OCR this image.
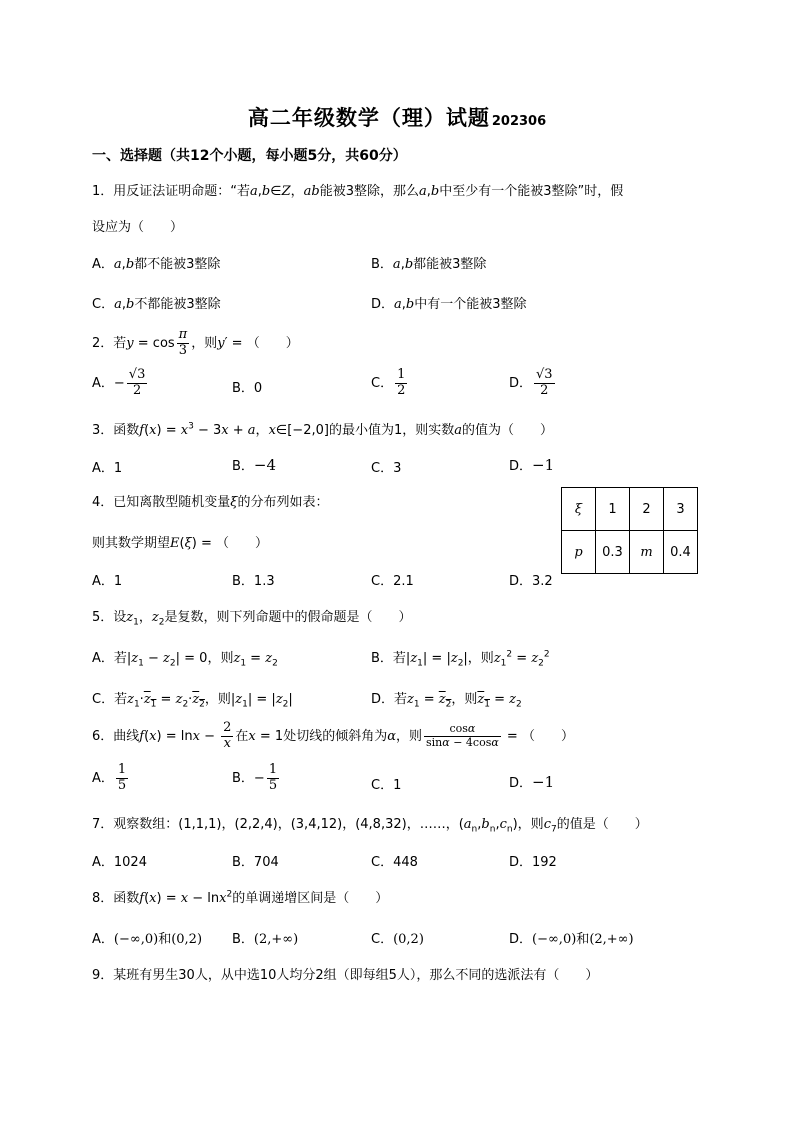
高二年级数学（理）试题 202306
一、选择题（共12个小题，每小题5分，共60分）
1．用反证法证明命题：“若a,b∈Z，ab能被3整除，那么a,b中至少有一个能被3整除”时，假
设应为（　　）
A．a,b都不能被3整除	B．a,b都能被3整除
C．a,b不都能被3整除	D．a,b中有一个能被3整除
2．若$y = \cos \frac{\pi}{3}$ ，则y′ = （　　）
A．− $\frac{√3}{2}$	B．0	C． $\frac{1}{2}$	D． $\frac{√3}{2}$
3．函数$f(x) = x^3 - 3x + a$，x∈[−2,0]的最小值为1，则实数a的值为（　　）
A．1	B．−4	C．3	D．−1
4．已知离散型随机变量ξ的分布列如表：
则其数学期望E(ξ) = （　　）
ξ	1	2	3
p	0.3	m	0.4
A．1	B．1.3	C．2.1	D．3.2
5．设$z_1$，$z_2$是复数，则下列命题中的假命题是（　　）
A．若$|z_1 - z_2| = 0$，则$z_1 = z_2$	B．若$|z_1| = |z_2|$，则$z_1^2 = z_2^2$
C．若$z_1\cdot z_1 = z_2\cdot z_2$，则$|z_1| = |z_2|$	D．若$z_1 = z_2$，则$z_1 = z_2$
6．曲线$f(x) = \ln x - \frac{2}{x}$ 在x = 1处切线的倾斜角为α，则 $\frac{\cos\alpha}{\sin\alpha - 4\cos\alpha}$ = （　　）
A． $\frac{1}{5}$	B．− $\frac{1}{5}$	C．1	D．−1
7．观察数组：(1,1,1)，(2,2,4)，(3,4,12)，(4,8,32)，……，$(a_n,b_n,c_n)$，则$c_7$的值是（　　）
A．1024	B．704	C．448	D．192
8．函数f(x) = x − lnx$^2$的单调递增区间是（　　）
A．(−∞,0)和(0,2) B．(2,+∞)	C．(0,2)	D．(−∞,0)和(2,+∞)
9．某班有男生30人，从中选10人均分2组（即每组5人），那么不同的选派法有（　　）
